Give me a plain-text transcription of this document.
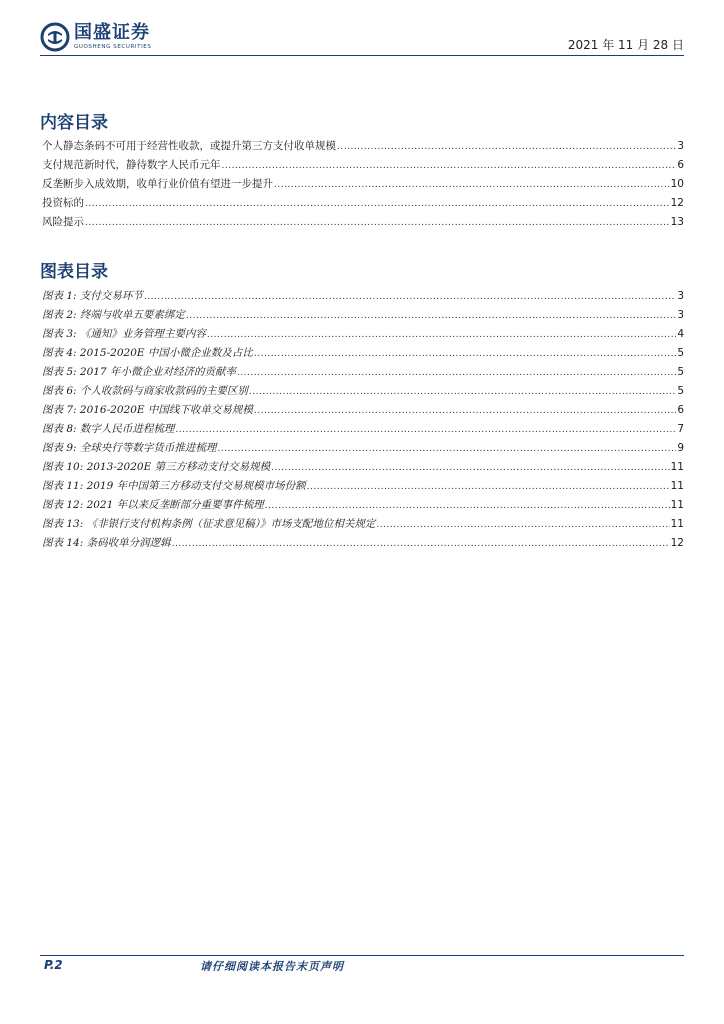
国盛证券
GUOSHENG SECURITIES	2021 年 11 月 28 日
内容目录
个人静态条码不可用于经营性收款，或提升第三方支付收单规模 .....	3
支付规范新时代，静待数字人民币元年 .....	6
反垄断步入成效期，收单行业价值有望进一步提升 .....	10
投资标的 .....	12
风险提示 .....	13
图表目录
图表 1: 支付交易环节 .....	3
图表 2: 终端与收单五要素绑定 .....	3
图表 3: 《通知》业务管理主要内容 .....	4
图表 4: 2015-2020E 中国小微企业数及占比 .....	5
图表 5: 2017 年小微企业对经济的贡献率 .....	5
图表 6: 个人收款码与商家收款码的主要区别 .....	5
图表 7: 2016-2020E 中国线下收单交易规模 .....	6
图表 8: 数字人民币进程梳理 .....	7
图表 9: 全球央行等数字货币推进梳理 .....	9
图表 10: 2013-2020E 第三方移动支付交易规模 .....	11
图表 11: 2019 年中国第三方移动支付交易规模市场份额 .....	11
图表 12: 2021 年以来反垄断部分重要事件梳理 .....	11
图表 13: 《非银行支付机构条例（征求意见稿）》市场支配地位相关规定 .....	11
图表 14: 条码收单分润逻辑 .....	12
P.2	请仔细阅读本报告末页声明
